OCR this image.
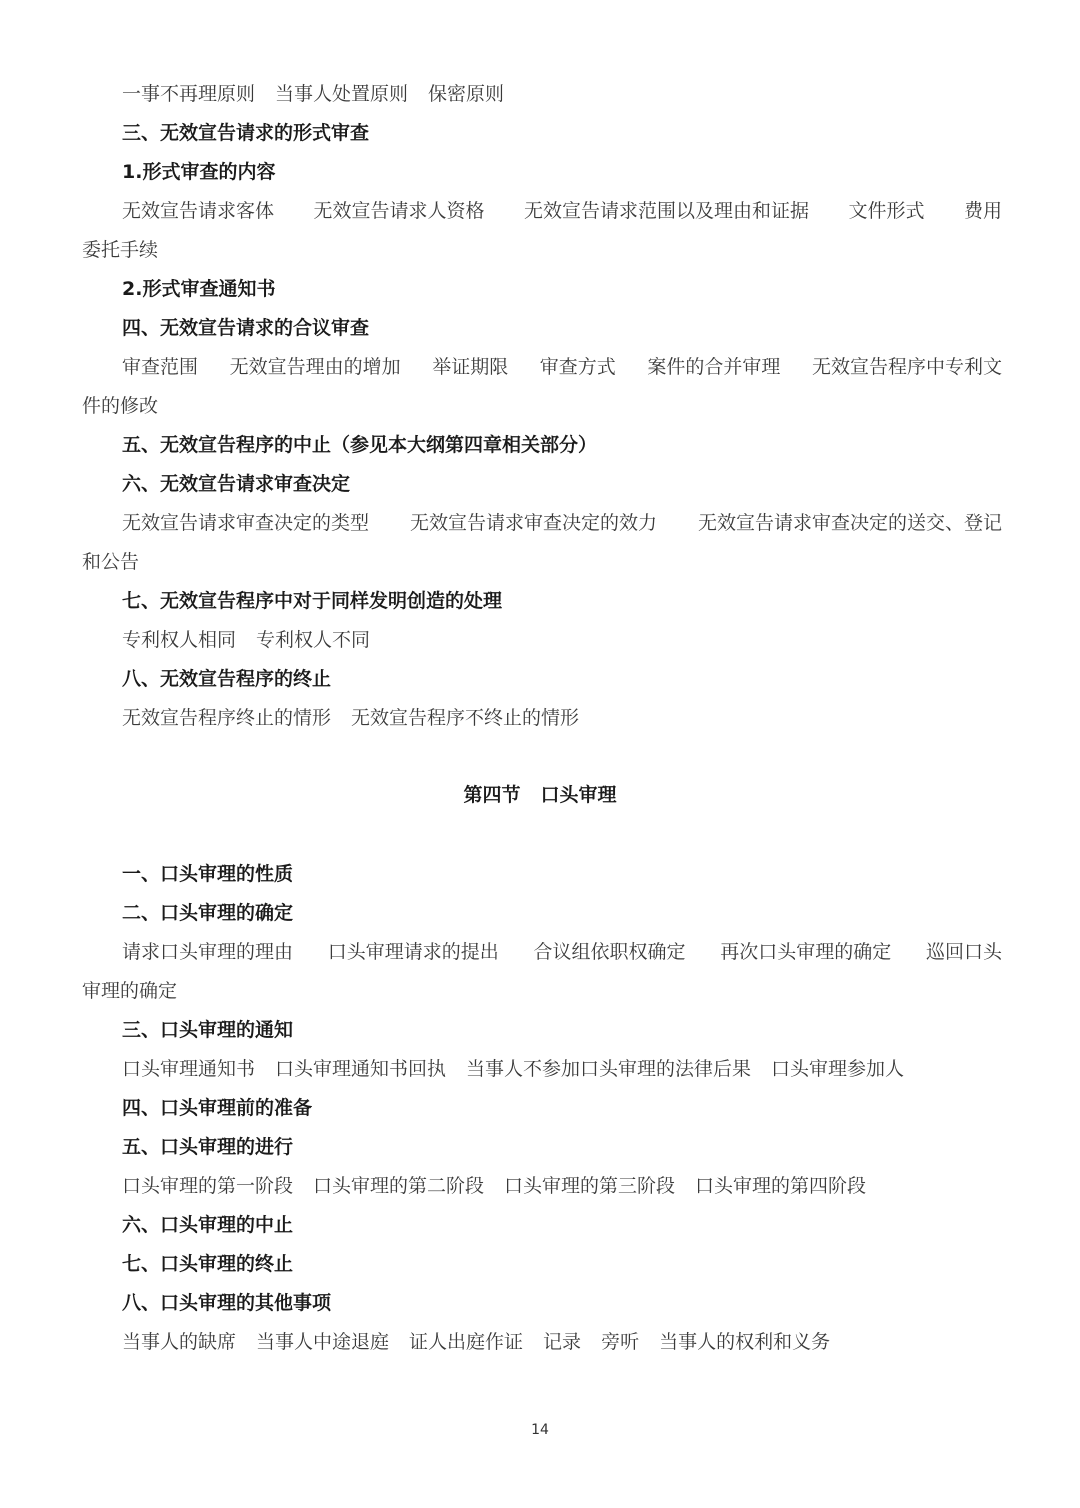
一事不再理原则 当事人处置原则 保密原则
三、无效宣告请求的形式审查
1.形式审查的内容
无效宣告请求客体 无效宣告请求人资格 无效宣告请求范围以及理由和证据 文件形式 费用
委托手续
2.形式审查通知书
四、无效宣告请求的合议审查
审查范围 无效宣告理由的增加 举证期限 审查方式 案件的合并审理 无效宣告程序中专利文
件的修改
五、无效宣告程序的中止（参见本大纲第四章相关部分）
六、无效宣告请求审查决定
无效宣告请求审查决定的类型 无效宣告请求审查决定的效力 无效宣告请求审查决定的送交、登记
和公告
七、无效宣告程序中对于同样发明创造的处理
专利权人相同 专利权人不同
八、无效宣告程序的终止
无效宣告程序终止的情形 无效宣告程序不终止的情形
第四节 口头审理
一、口头审理的性质
二、口头审理的确定
请求口头审理的理由 口头审理请求的提出 合议组依职权确定 再次口头审理的确定 巡回口头
审理的确定
三、口头审理的通知
口头审理通知书 口头审理通知书回执 当事人不参加口头审理的法律后果 口头审理参加人
四、口头审理前的准备
五、口头审理的进行
口头审理的第一阶段 口头审理的第二阶段 口头审理的第三阶段 口头审理的第四阶段
六、口头审理的中止
七、口头审理的终止
八、口头审理的其他事项
当事人的缺席 当事人中途退庭 证人出庭作证 记录 旁听 当事人的权利和义务
14
